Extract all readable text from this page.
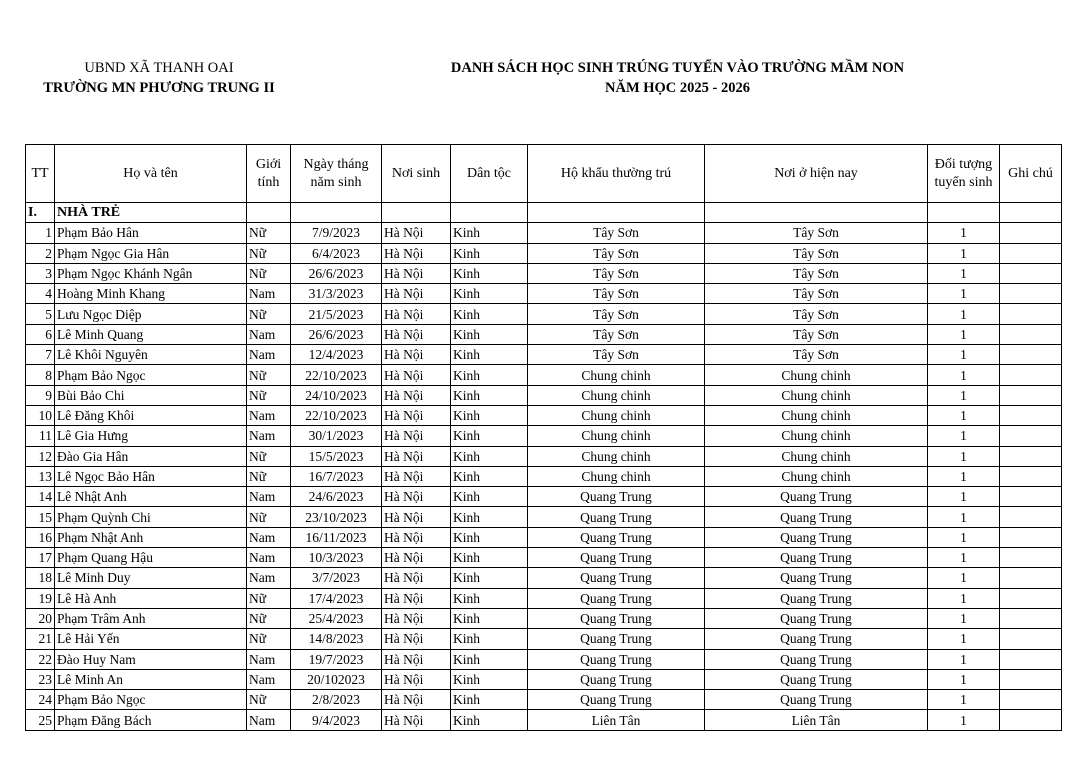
UBND XÃ THANH OAI
TRƯỜNG MN PHƯƠNG TRUNG II
DANH SÁCH HỌC SINH TRÚNG TUYỂN VÀO TRƯỜNG MẦM NON
NĂM HỌC 2025 - 2026
TT	Họ và tên	Giới tính	Ngày tháng năm sinh	Nơi sinh	Dân tộc	Hộ khẩu thường trú	Nơi ở hiện nay	Đối tượng tuyển sinh	Ghi chú
I.	NHÀ TRẺ								
1	Phạm Bảo Hân	Nữ	7/9/2023	Hà Nội	Kinh	Tây Sơn	Tây Sơn	1	
2	Phạm Ngọc Gia Hân	Nữ	6/4/2023	Hà Nội	Kinh	Tây Sơn	Tây Sơn	1	
3	Phạm Ngọc Khánh Ngân	Nữ	26/6/2023	Hà Nội	Kinh	Tây Sơn	Tây Sơn	1	
4	Hoàng Minh Khang	Nam	31/3/2023	Hà Nội	Kinh	Tây Sơn	Tây Sơn	1	
5	Lưu Ngọc Diệp	Nữ	21/5/2023	Hà Nội	Kinh	Tây Sơn	Tây Sơn	1	
6	Lê Minh Quang	Nam	26/6/2023	Hà Nội	Kinh	Tây Sơn	Tây Sơn	1	
7	Lê Khôi Nguyên	Nam	12/4/2023	Hà Nội	Kinh	Tây Sơn	Tây Sơn	1	
8	Phạm Bảo Ngọc	Nữ	22/10/2023	Hà Nội	Kinh	Chung chinh	Chung chinh	1	
9	Bùi Bảo Chi	Nữ	24/10/2023	Hà Nội	Kinh	Chung chinh	Chung chinh	1	
10	Lê Đăng Khôi	Nam	22/10/2023	Hà Nội	Kinh	Chung chinh	Chung chinh	1	
11	Lê Gia Hưng	Nam	30/1/2023	Hà Nội	Kinh	Chung chinh	Chung chinh	1	
12	Đào Gia Hân	Nữ	15/5/2023	Hà Nội	Kinh	Chung chinh	Chung chinh	1	
13	Lê Ngọc Bảo Hân	Nữ	16/7/2023	Hà Nội	Kinh	Chung chinh	Chung chinh	1	
14	Lê Nhật Anh	Nam	24/6/2023	Hà Nội	Kinh	Quang Trung	Quang Trung	1	
15	Phạm Quỳnh Chi	Nữ	23/10/2023	Hà Nội	Kinh	Quang Trung	Quang Trung	1	
16	Phạm Nhật Anh	Nam	16/11/2023	Hà Nội	Kinh	Quang Trung	Quang Trung	1	
17	Phạm Quang Hậu	Nam	10/3/2023	Hà Nội	Kinh	Quang Trung	Quang Trung	1	
18	Lê Minh Duy	Nam	3/7/2023	Hà Nội	Kinh	Quang Trung	Quang Trung	1	
19	Lê Hà Anh	Nữ	17/4/2023	Hà Nội	Kinh	Quang Trung	Quang Trung	1	
20	Phạm Trâm Anh	Nữ	25/4/2023	Hà Nội	Kinh	Quang Trung	Quang Trung	1	
21	Lê Hải Yến	Nữ	14/8/2023	Hà Nội	Kinh	Quang Trung	Quang Trung	1	
22	Đào Huy Nam	Nam	19/7/2023	Hà Nội	Kinh	Quang Trung	Quang Trung	1	
23	Lê Minh An	Nam	20/102023	Hà Nội	Kinh	Quang Trung	Quang Trung	1	
24	Phạm Bảo Ngọc	Nữ	2/8/2023	Hà Nội	Kinh	Quang Trung	Quang Trung	1	
25	Phạm Đăng Bách	Nam	9/4/2023	Hà Nội	Kinh	Liên Tân	Liên Tân	1	
